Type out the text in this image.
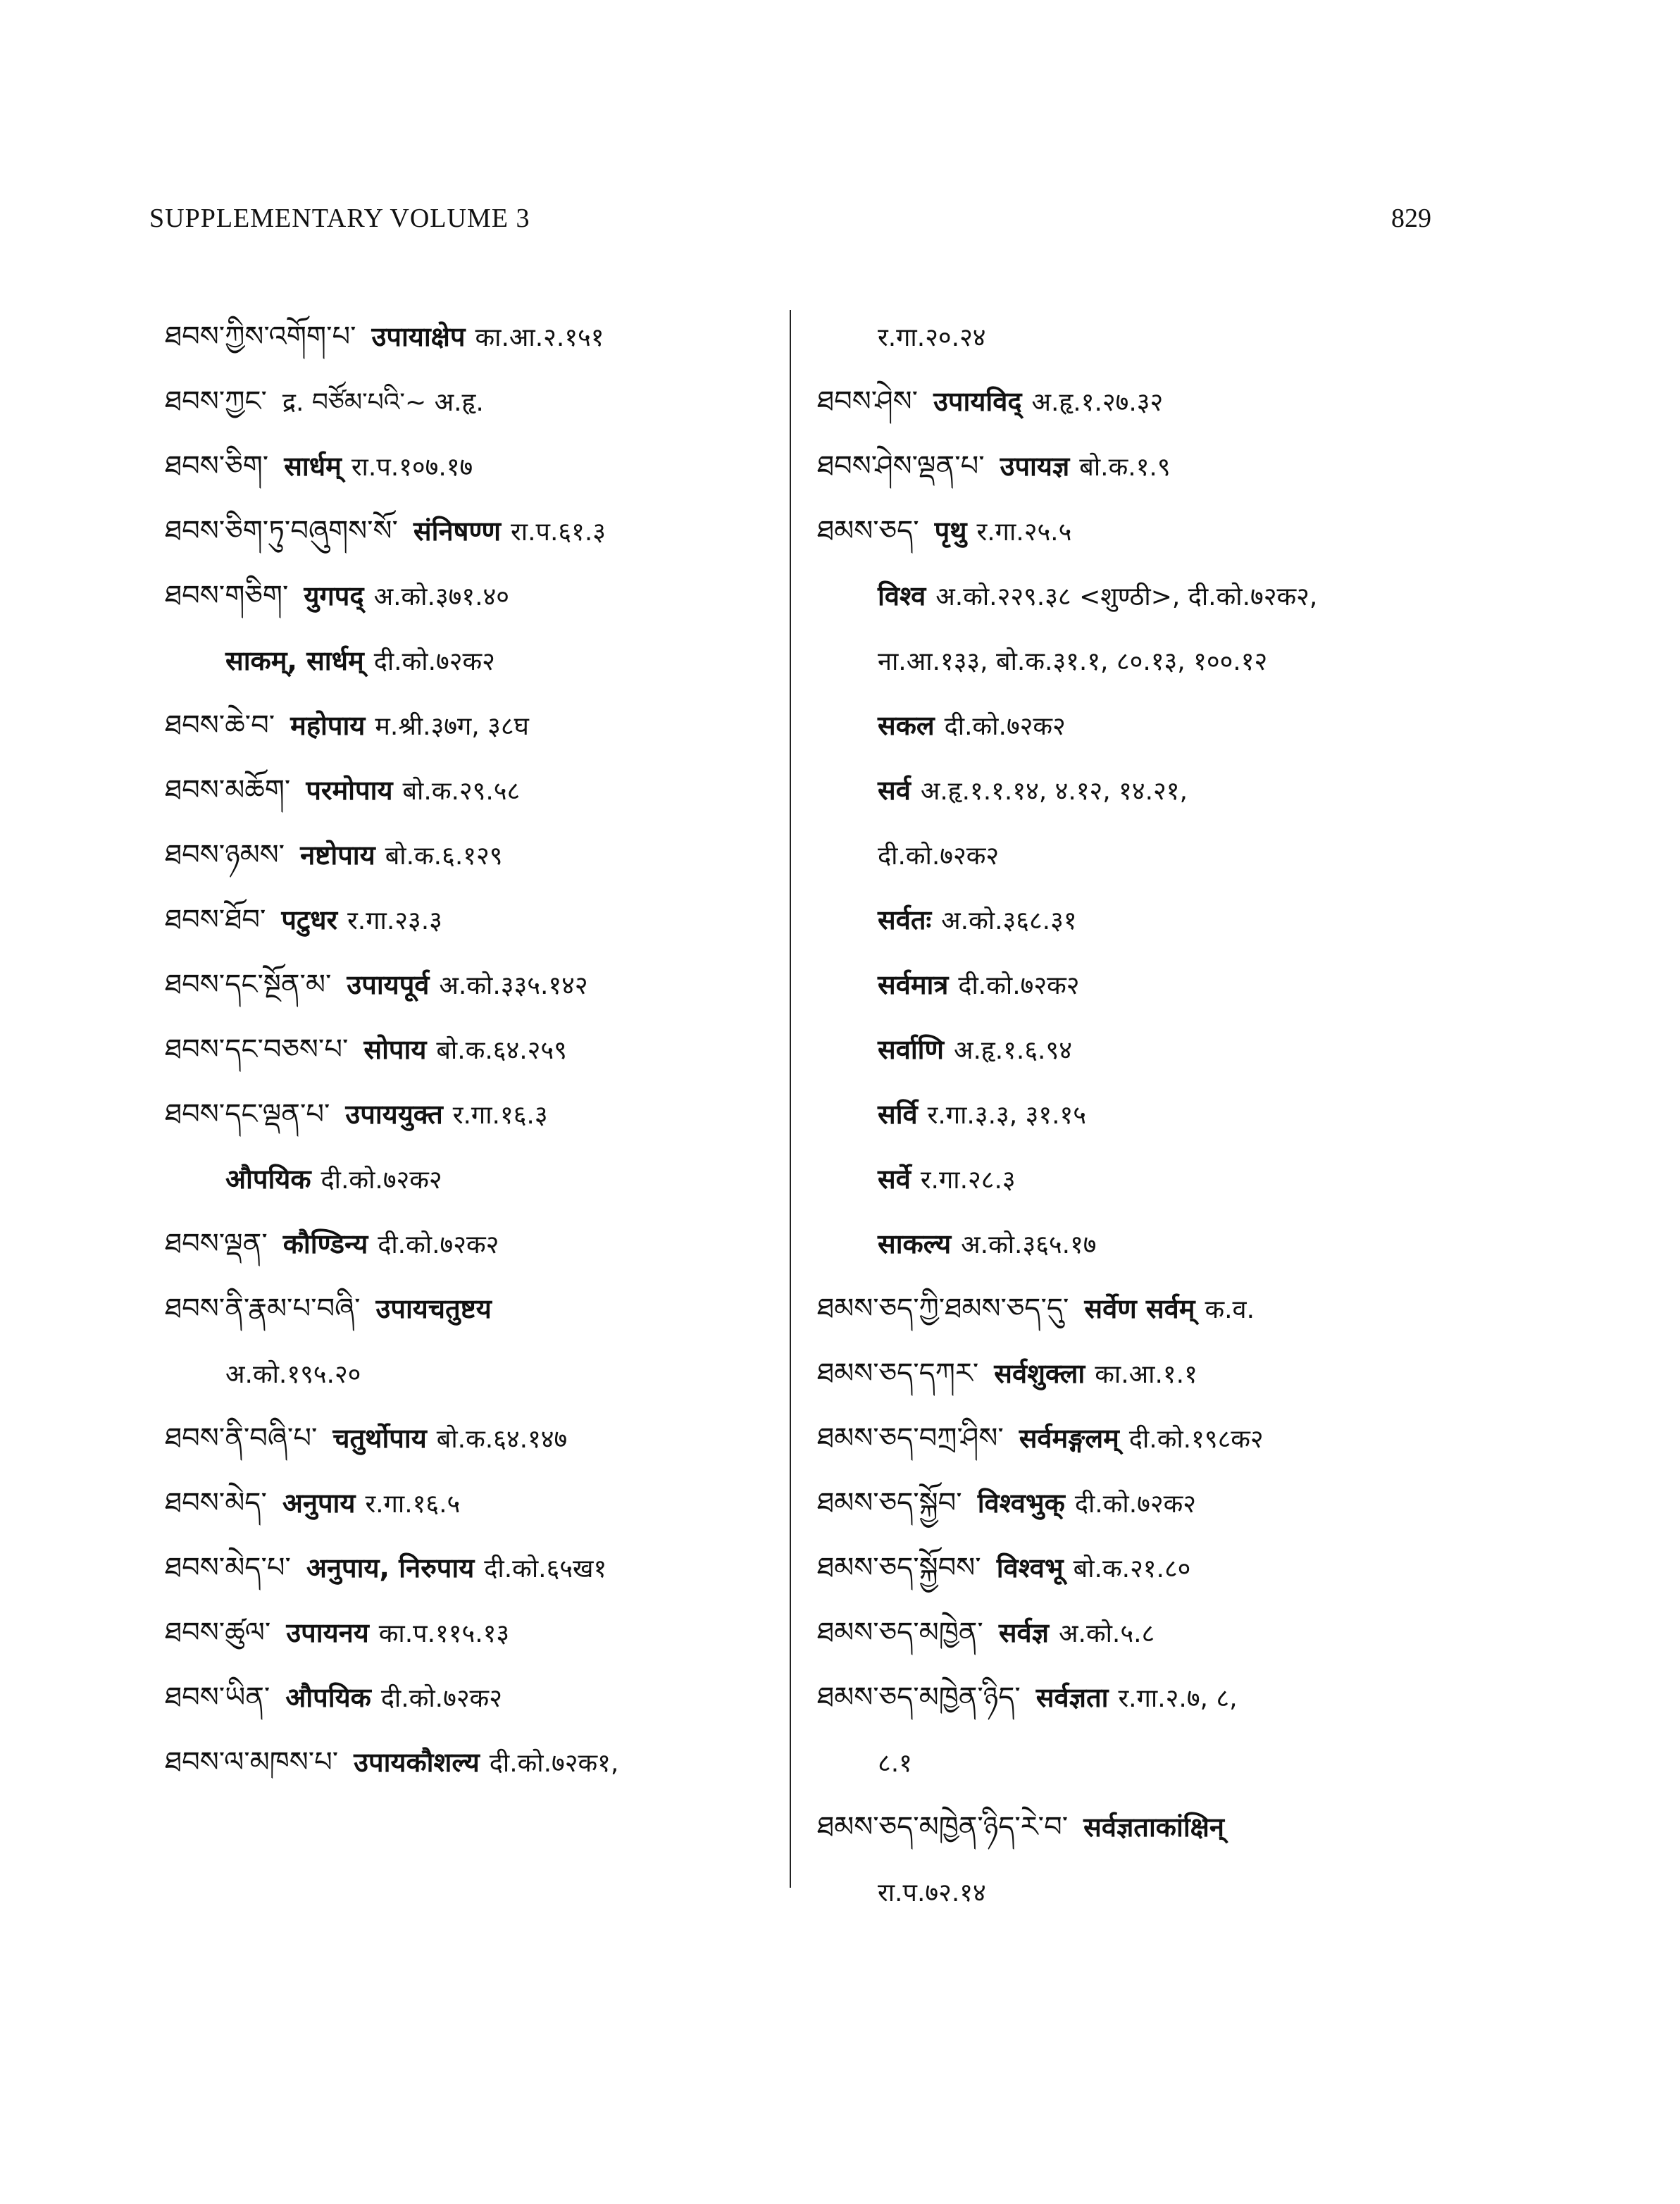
SUPPLEMENTARY VOLUME 3	829
ཐབས་ཀྱིས་འགོག་པ་ उपायाक्षेप का.आ.२.१५१
ཐབས་ཀྱང་ द्र. བཙོམ་པའི་~ अ.हृ.
ཐབས་ཅིག་ सार्धम् रा.प.१०७.१७
ཐབས་ཅིག་ཏུ་བཞུགས་སོ་ संनिषण्ण रा.प.६१.३
ཐབས་གཅིག་ युगपद् अ.को.३७१.४०
साकम्, सार्धम् दी.को.७२क२
ཐབས་ཆེ་བ་ महोपाय म.श्री.३७ग, ३८घ
ཐབས་མཆོག་ परमोपाय बो.क.२९.५८
ཐབས་ཉམས་ नष्टोपाय बो.क.६.१२९
ཐབས་ཐོབ་ पटुधर र.गा.२३.३
ཐབས་དང་སྔོན་མ་ उपायपूर्व अ.को.३३५.१४२
ཐབས་དང་བཅས་པ་ सोपाय बो.क.६४.२५९
ཐབས་དང་ལྡན་པ་ उपाययुक्त र.गा.१६.३
औपयिक दी.को.७२क२
ཐབས་ལྡན་ कौण्डिन्य दी.को.७२क२
ཐབས་ནི་རྣམ་པ་བཞི་ उपायचतुष्टय
अ.को.१९५.२०
ཐབས་ནི་བཞི་པ་ चतुर्थोपाय बो.क.६४.१४७
ཐབས་མེད་ अनुपाय र.गा.१६.५
ཐབས་མེད་པ་ अनुपाय, निरुपाय दी.को.६५ख१
ཐབས་ཚུལ་ उपायनय का.प.११५.१३
ཐབས་ཡིན་ औपयिक दी.को.७२क२
ཐབས་ལ་མཁས་པ་ उपायकौशल्य दी.को.७२क१,
र.गा.२०.२४
ཐབས་ཤེས་ उपायविद् अ.हृ.१.२७.३२
ཐབས་ཤེས་ལྡན་པ་ उपायज्ञ बो.क.१.९
ཐམས་ཅད་ पृथु र.गा.२५.५
विश्व अ.को.२२९.३८ <शुण्ठी>, दी.को.७२क२,
ना.आ.१३३, बो.क.३१.१, ८०.१३, १००.१२
सकल दी.को.७२क२
सर्व अ.हृ.१.१.१४, ४.१२, १४.२१,
दी.को.७२क२
सर्वतः अ.को.३६८.३१
सर्वमात्र दी.को.७२क२
सर्वाणि अ.हृ.१.६.९४
सर्वि र.गा.३.३, ३१.१५
सर्वे र.गा.२८.३
साकल्य अ.को.३६५.१७
ཐམས་ཅད་ཀྱི་ཐམས་ཅད་དུ་ सर्वेण सर्वम् क.व.
ཐམས་ཅད་དཀར་ सर्वशुक्ला का.आ.१.१
ཐམས་ཅད་བཀྲ་ཤིས་ सर्वमङ्गलम् दी.को.१९८क२
ཐམས་ཅད་སྐྱོབ་ विश्वभुक् दी.को.७२क२
ཐམས་ཅད་སྐྱོབས་ विश्वभू बो.क.२१.८०
ཐམས་ཅད་མཁྱེན་ सर्वज्ञ अ.को.५.८
ཐམས་ཅད་མཁྱེན་ཉིད་ सर्वज्ञता र.गा.२.७, ८,
८.१
ཐམས་ཅད་མཁྱེན་ཉིད་རེ་བ་ सर्वज्ञताकांक्षिन्
रा.प.७२.१४
